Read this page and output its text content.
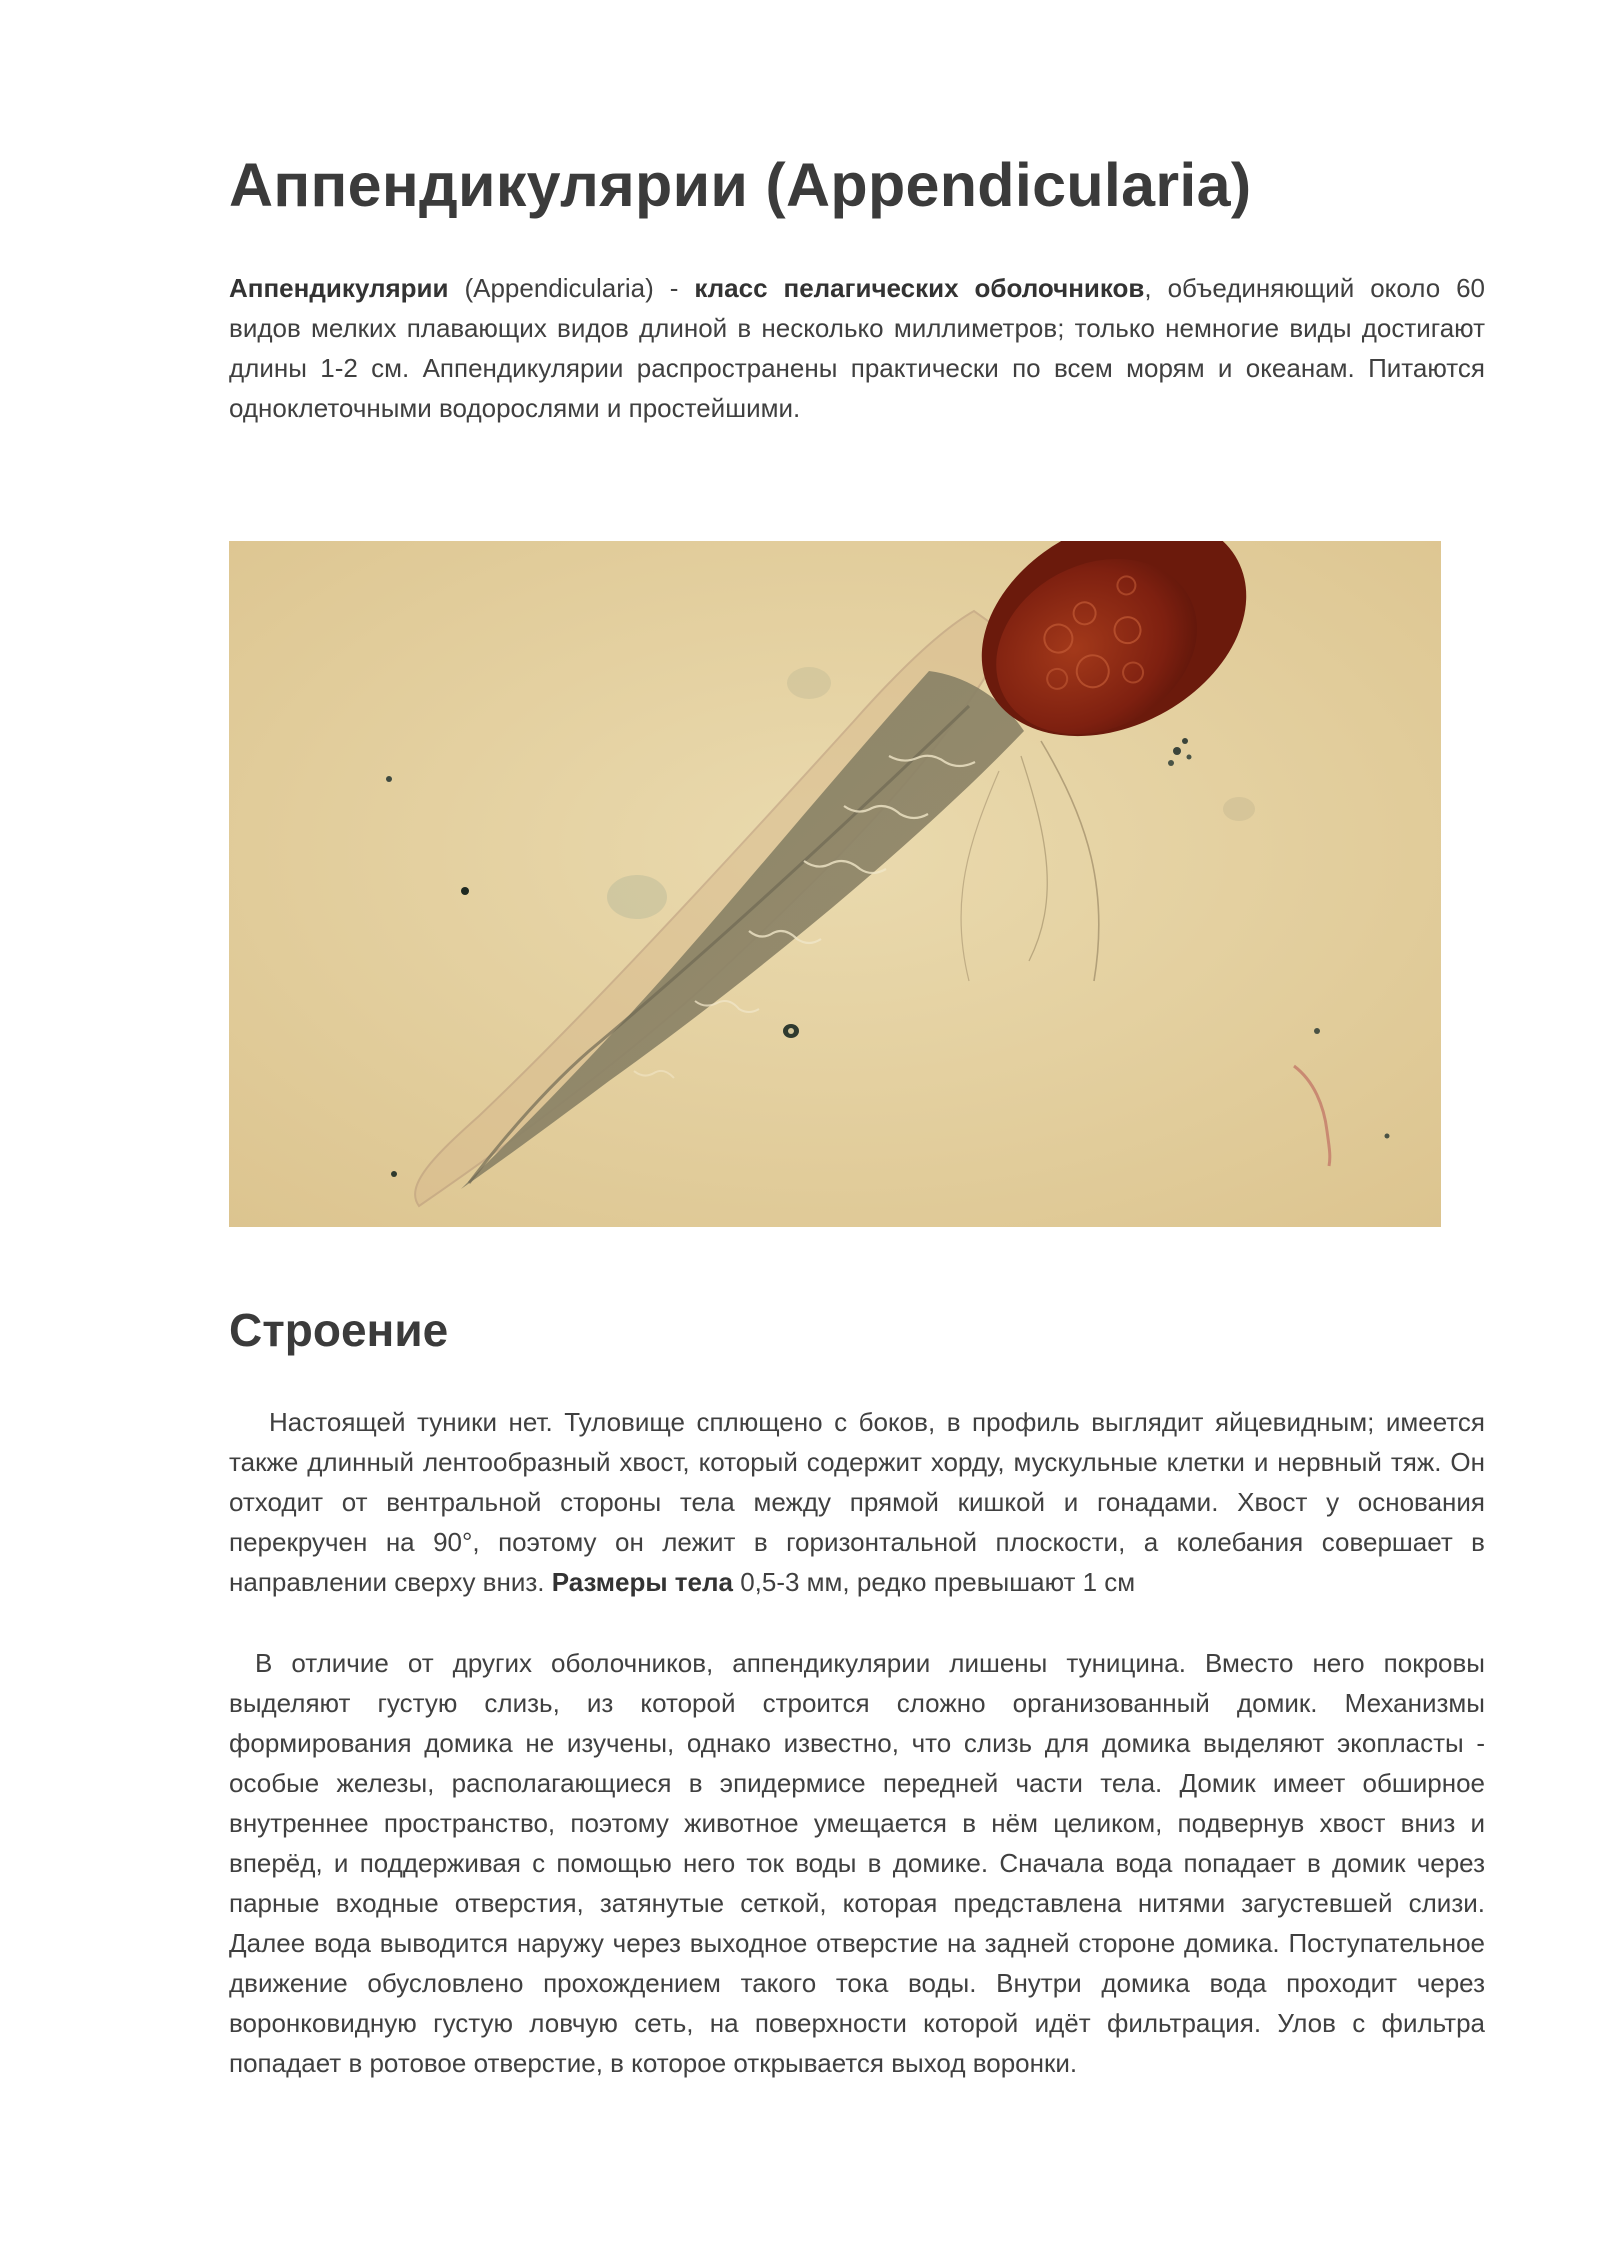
Аппендикулярии (Appendicularia)

Аппендикулярии (Appendicularia) - класс пелагических оболочников, объединяющий около 60 видов мелких плавающих видов длиной в несколько миллиметров; только немногие виды достигают длины 1-2 см. Аппендикулярии распространены практически по всем морям и океанам. Питаются одноклеточными водорослями и простейшими.

Строение

Настоящей туники нет. Туловище сплющено с боков, в профиль выглядит яйцевидным; имеется также длинный лентообразный хвост, который содержит хорду, мускульные клетки и нервный тяж. Он отходит от вентральной стороны тела между прямой кишкой и гонадами. Хвост у основания перекручен на 90°, поэтому он лежит в горизонтальной плоскости, а колебания совершает в направлении сверху вниз. Размеры тела 0,5-3 мм, редко превышают 1 см

В отличие от других оболочников, аппендикулярии лишены туницина. Вместо него покровы выделяют густую слизь, из которой строится сложно организованный домик. Механизмы формирования домика не изучены, однако известно, что слизь для домика выделяют экопласты - особые железы, располагающиеся в эпидермисе передней части тела. Домик имеет обширное внутреннее пространство, поэтому животное умещается в нём целиком, подвернув хвост вниз и вперёд, и поддерживая с помощью него ток воды в домике. Сначала вода попадает в домик через парные входные отверстия, затянутые сеткой, которая представлена нитями загустевшей слизи. Далее вода выводится наружу через выходное отверстие на задней стороне домика. Поступательное движение обусловлено прохождением такого тока воды. Внутри домика вода проходит через воронковидную густую ловчую сеть, на поверхности которой идёт фильтрация. Улов с фильтра попадает в ротовое отверстие, в которое открывается выход воронки.
